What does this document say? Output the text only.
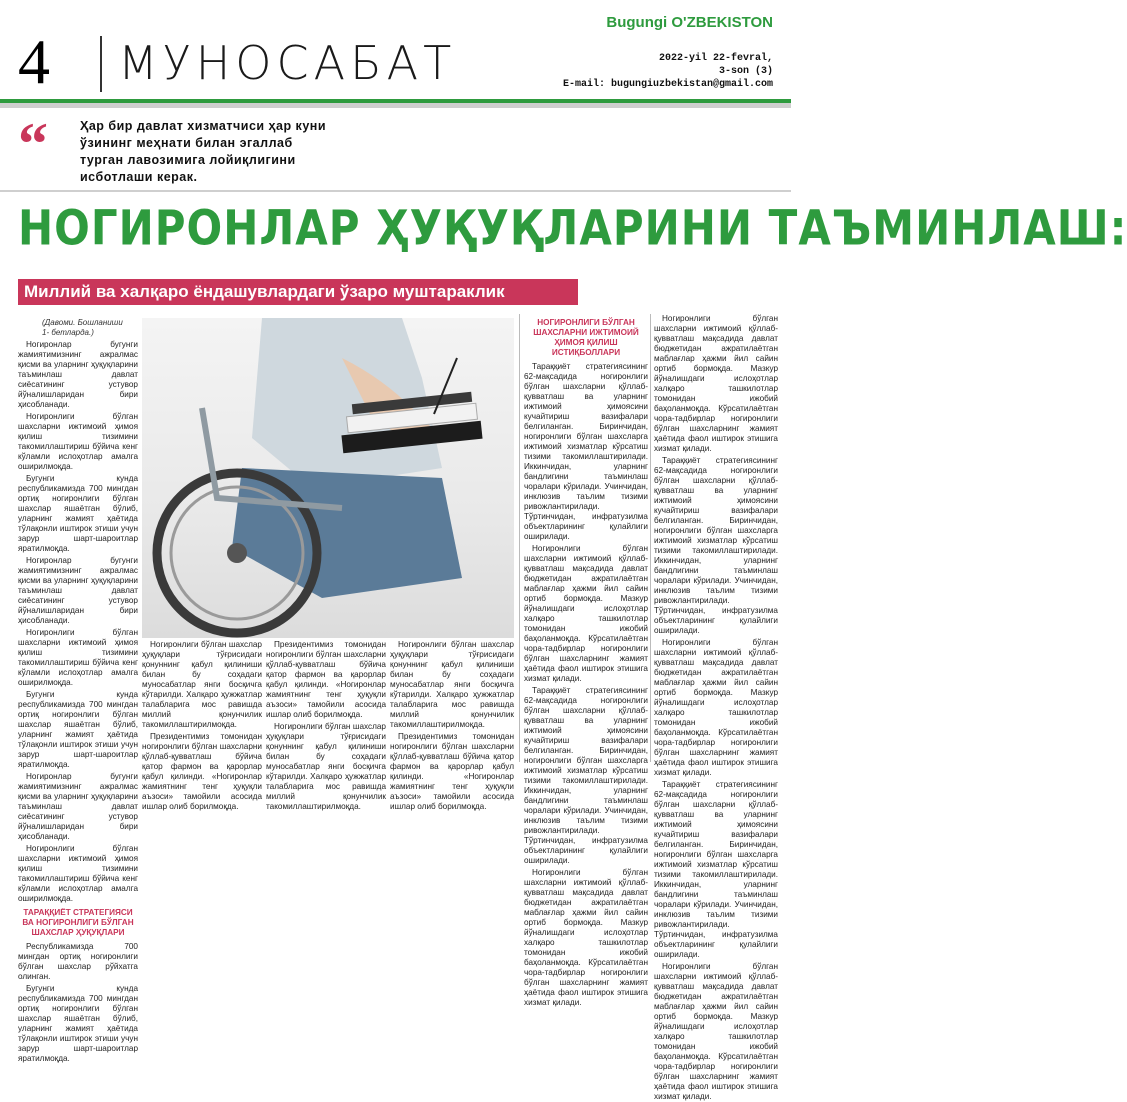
4 МУНОСАБАТ
Bugungi O'ZBEKISTON
2022-yil 22-fevral,
3-son (3)
E-mail: bugungiuzbekistan@gmail.com
“	Ҳар бир давлат хизматчиси ҳар куни
ўзининг меҳнати билан эгаллаб
турган лавозимига лойиқлигини
исботлаши керак.
НОГИРОНЛАР ҲУҚУҚЛАРИНИ ТАЪМИНЛАШ:
Миллий ва халқаро ёндашувлардаги ўзаро муштараклик
(Давоми. Бошланиши
1- бетларда.)

Ногиронлар бугунги жамиятимизнинг ажралмас қисми ва уларнинг ҳуқуқларини таъминлаш давлат сиёсатининг устувор йўналишларидан бири ҳисобланади.

Ногиронлиги бўлган шахсларни ижтимоий ҳимоя қилиш тизимини такомиллаштириш бўйича кенг кўламли ислоҳотлар амалга оширилмоқда.

Бугунги кунда республикамизда 700 мингдан ортиқ ногиронлиги бўлган шахслар яшаётган бўлиб, уларнинг жамият ҳаётида тўлақонли иштирок этиши учун зарур шарт-шароитлар яратилмоқда.

Ногиронлар бугунги жамиятимизнинг ажралмас қисми ва уларнинг ҳуқуқларини таъминлаш давлат сиёсатининг устувор йўналишларидан бири ҳисобланади.

Ногиронлиги бўлган шахсларни ижтимоий ҳимоя қилиш тизимини такомиллаштириш бўйича кенг кўламли ислоҳотлар амалга оширилмоқда.

Бугунги кунда республикамизда 700 мингдан ортиқ ногиронлиги бўлган шахслар яшаётган бўлиб, уларнинг жамият ҳаётида тўлақонли иштирок этиши учун зарур шарт-шароитлар яратилмоқда.

Ногиронлар бугунги жамиятимизнинг ажралмас қисми ва уларнинг ҳуқуқларини таъминлаш давлат сиёсатининг устувор йўналишларидан бири ҳисобланади.

Ногиронлиги бўлган шахсларни ижтимоий ҳимоя қилиш тизимини такомиллаштириш бўйича кенг кўламли ислоҳотлар амалга оширилмоқда.

ТАРАҚҚИЁТ СТРАТЕГИЯСИ ВА НОГИРОНЛИГИ БЎЛГАН ШАХСЛАР ҲУҚУҚЛАРИ

Республикамизда 700 мингдан ортиқ ногиронлиги бўлган шахслар рўйхатга олинган.

Бугунги кунда республикамизда 700 мингдан ортиқ ногиронлиги бўлган шахслар яшаётган бўлиб, уларнинг жамият ҳаётида тўлақонли иштирок этиши учун зарур шарт-шароитлар яратилмоқда.

Ногиронлиги бўлган шахслар ҳуқуқлари тўғрисидаги қонуннинг қабул қилиниши билан бу соҳадаги муносабатлар янги босқичга кўтарилди. Халқаро ҳужжатлар талабларига мос равишда миллий қонунчилик такомиллаштирилмоқда.

Президентимиз томонидан ногиронлиги бўлган шахсларни қўллаб-қувватлаш бўйича қатор фармон ва қарорлар қабул қилинди. «Ногиронлар жамиятнинг тенг ҳуқуқли аъзоси» тамойили асосида ишлар олиб борилмоқда.

Президентимиз томонидан ногиронлиги бўлган шахсларни қўллаб-қувватлаш бўйича қатор фармон ва қарорлар қабул қилинди. «Ногиронлар жамиятнинг тенг ҳуқуқли аъзоси» тамойили асосида ишлар олиб борилмоқда.

Ногиронлиги бўлган шахслар ҳуқуқлари тўғрисидаги қонуннинг қабул қилиниши билан бу соҳадаги муносабатлар янги босқичга кўтарилди. Халқаро ҳужжатлар талабларига мос равишда миллий қонунчилик такомиллаштирилмоқда.

Ногиронлиги бўлган шахслар ҳуқуқлари тўғрисидаги қонуннинг қабул қилиниши билан бу соҳадаги муносабатлар янги босқичга кўтарилди. Халқаро ҳужжатлар талабларига мос равишда миллий қонунчилик такомиллаштирилмоқда.

Президентимиз томонидан ногиронлиги бўлган шахсларни қўллаб-қувватлаш бўйича қатор фармон ва қарорлар қабул қилинди. «Ногиронлар жамиятнинг тенг ҳуқуқли аъзоси» тамойили асосида ишлар олиб борилмоқда.

НОГИРОНЛИГИ БЎЛГАН ШАХСЛАРНИ ИЖТИМОИЙ ҲИМОЯ ҚИЛИШ ИСТИҚБОЛЛАРИ

Тараққиёт стратегиясининг 62-мақсадида ногиронлиги бўлган шахсларни қўллаб-қувватлаш ва уларнинг ижтимоий ҳимоясини кучайтириш вазифалари белгиланган. Биринчидан, ногиронлиги бўлган шахсларга ижтимоий хизматлар кўрсатиш тизими такомиллаштирилади. Иккинчидан, уларнинг бандлигини таъминлаш чоралари кўрилади. Учинчидан, инклюзив таълим тизими ривожлантирилади. Тўртинчидан, инфратузилма объектларининг қулайлиги оширилади.

Ногиронлиги бўлган шахсларни ижтимоий қўллаб-қувватлаш мақсадида давлат бюджетидан ажратилаётган маблағлар ҳажми йил сайин ортиб бормоқда. Мазкур йўналишдаги ислоҳотлар халқаро ташкилотлар томонидан ижобий баҳоланмоқда. Кўрсатилаётган чора-тадбирлар ногиронлиги бўлган шахсларнинг жамият ҳаётида фаол иштирок этишига хизмат қилади.

Тараққиёт стратегиясининг 62-мақсадида ногиронлиги бўлган шахсларни қўллаб-қувватлаш ва уларнинг ижтимоий ҳимоясини кучайтириш вазифалари белгиланган. Биринчидан, ногиронлиги бўлган шахсларга ижтимоий хизматлар кўрсатиш тизими такомиллаштирилади. Иккинчидан, уларнинг бандлигини таъминлаш чоралари кўрилади. Учинчидан, инклюзив таълим тизими ривожлантирилади. Тўртинчидан, инфратузилма объектларининг қулайлиги оширилади.

Ногиронлиги бўлган шахсларни ижтимоий қўллаб-қувватлаш мақсадида давлат бюджетидан ажратилаётган маблағлар ҳажми йил сайин ортиб бормоқда. Мазкур йўналишдаги ислоҳотлар халқаро ташкилотлар томонидан ижобий баҳоланмоқда. Кўрсатилаётган чора-тадбирлар ногиронлиги бўлган шахсларнинг жамият ҳаётида фаол иштирок этишига хизмат қилади.

Ногиронлиги бўлган шахсларни ижтимоий қўллаб-қувватлаш мақсадида давлат бюджетидан ажратилаётган маблағлар ҳажми йил сайин ортиб бормоқда. Мазкур йўналишдаги ислоҳотлар халқаро ташкилотлар томонидан ижобий баҳоланмоқда. Кўрсатилаётган чора-тадбирлар ногиронлиги бўлган шахсларнинг жамият ҳаётида фаол иштирок этишига хизмат қилади.

Тараққиёт стратегиясининг 62-мақсадида ногиронлиги бўлган шахсларни қўллаб-қувватлаш ва уларнинг ижтимоий ҳимоясини кучайтириш вазифалари белгиланган. Биринчидан, ногиронлиги бўлган шахсларга ижтимоий хизматлар кўрсатиш тизими такомиллаштирилади. Иккинчидан, уларнинг бандлигини таъминлаш чоралари кўрилади. Учинчидан, инклюзив таълим тизими ривожлантирилади. Тўртинчидан, инфратузилма объектларининг қулайлиги оширилади.

Ногиронлиги бўлган шахсларни ижтимоий қўллаб-қувватлаш мақсадида давлат бюджетидан ажратилаётган маблағлар ҳажми йил сайин ортиб бормоқда. Мазкур йўналишдаги ислоҳотлар халқаро ташкилотлар томонидан ижобий баҳоланмоқда. Кўрсатилаётган чора-тадбирлар ногиронлиги бўлган шахсларнинг жамият ҳаётида фаол иштирок этишига хизмат қилади.

Тараққиёт стратегиясининг 62-мақсадида ногиронлиги бўлган шахсларни қўллаб-қувватлаш ва уларнинг ижтимоий ҳимоясини кучайтириш вазифалари белгиланган. Биринчидан, ногиронлиги бўлган шахсларга ижтимоий хизматлар кўрсатиш тизими такомиллаштирилади. Иккинчидан, уларнинг бандлигини таъминлаш чоралари кўрилади. Учинчидан, инклюзив таълим тизими ривожлантирилади. Тўртинчидан, инфратузилма объектларининг қулайлиги оширилади.

Ногиронлиги бўлган шахсларни ижтимоий қўллаб-қувватлаш мақсадида давлат бюджетидан ажратилаётган маблағлар ҳажми йил сайин ортиб бормоқда. Мазкур йўналишдаги ислоҳотлар халқаро ташкилотлар томонидан ижобий баҳоланмоқда. Кўрсатилаётган чора-тадбирлар ногиронлиги бўлган шахсларнинг жамият ҳаётида фаол иштирок этишига хизмат қилади.
